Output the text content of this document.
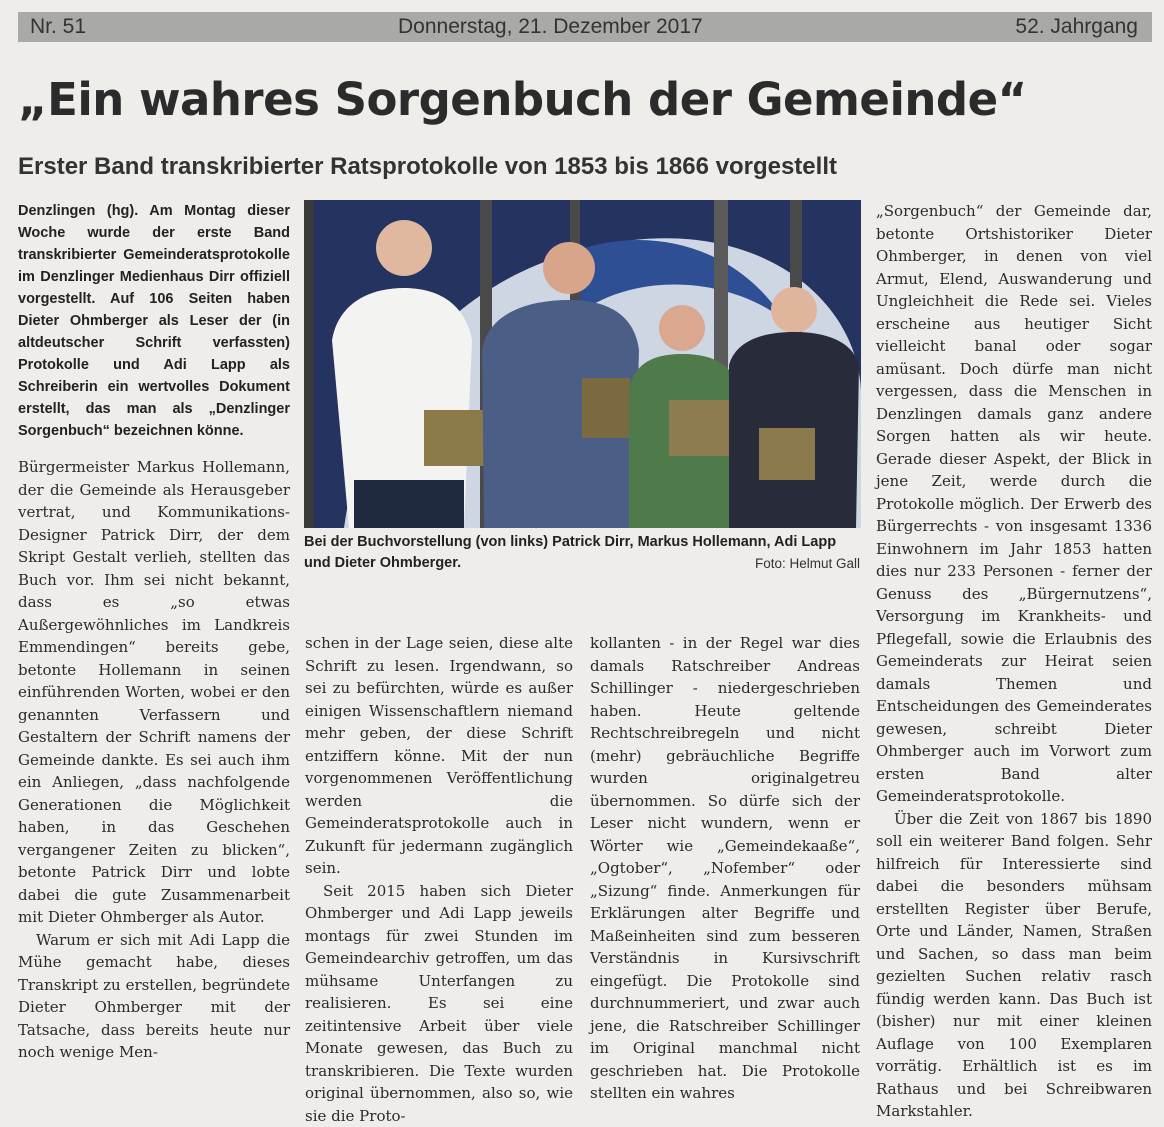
Nr. 51	Donnerstag, 21. Dezember 2017	52. Jahrgang
„Ein wahres Sorgenbuch der Gemeinde“
Erster Band transkribierter Ratsprotokolle von 1853 bis 1866 vorgestellt
Denzlingen (hg). Am Montag dieser Woche wurde der erste Band transkribierter Gemeinderatsprotokolle im Denzlinger Medienhaus Dirr offiziell vorgestellt. Auf 106 Seiten haben Dieter Ohmberger als Leser der (in altdeutscher Schrift verfassten) Protokolle und Adi Lapp als Schreiberin ein wertvolles Dokument erstellt, das man als „Denzlinger Sorgenbuch“ bezeichnen könne.

Bürgermeister Markus Hollemann, der die Gemeinde als Herausgeber vertrat, und Kommunikations-Designer Patrick Dirr, der dem Skript Gestalt verlieh, stellten das Buch vor. Ihm sei nicht bekannt, dass es „so etwas Außergewöhnliches im Landkreis Emmendingen“ bereits gebe, betonte Hollemann in seinen einführenden Worten, wobei er den genannten Verfassern und Gestaltern der Schrift namens der Gemeinde dankte. Es sei auch ihm ein Anliegen, „dass nachfolgende Generationen die Möglichkeit haben, in das Geschehen vergangener Zeiten zu blicken“, betonte Patrick Dirr und lobte dabei die gute Zusammenarbeit mit Dieter Ohmberger als Autor.

Warum er sich mit Adi Lapp die Mühe gemacht habe, dieses Transkript zu erstellen, begründete Dieter Ohmberger mit der Tatsache, dass bereits heute nur noch wenige Men-

Bei der Buchvorstellung (von links) Patrick Dirr, Markus Hollemann, Adi Lapp und Dieter Ohmberger.	Foto: Helmut Gall

schen in der Lage seien, diese alte Schrift zu lesen. Irgendwann, so sei zu befürchten, würde es außer einigen Wissenschaftlern niemand mehr geben, der diese Schrift entziffern könne. Mit der nun vorgenommenen Veröffentlichung werden die Gemeinderatsprotokolle auch in Zukunft für jedermann zugänglich sein.

Seit 2015 haben sich Dieter Ohmberger und Adi Lapp jeweils montags für zwei Stunden im Gemeindearchiv getroffen, um das mühsame Unterfangen zu realisieren. Es sei eine zeitintensive Arbeit über viele Monate gewesen, das Buch zu transkribieren. Die Texte wurden original übernommen, also so, wie sie die Proto-

kollanten - in der Regel war dies damals Ratschreiber Andreas Schillinger - niedergeschrieben haben. Heute geltende Rechtschreibregeln und nicht (mehr) gebräuchliche Begriffe wurden originalgetreu übernommen. So dürfe sich der Leser nicht wundern, wenn er Wörter wie „Gemeindekaaße“, „Ogtober“, „Nofember“ oder „Sizung“ finde. Anmerkungen für Erklärungen alter Begriffe und Maßeinheiten sind zum besseren Verständnis in Kursivschrift eingefügt. Die Protokolle sind durchnummeriert, und zwar auch jene, die Ratschreiber Schillinger im Original manchmal nicht geschrieben hat. Die Protokolle stellten ein wahres

„Sorgenbuch“ der Gemeinde dar, betonte Ortshistoriker Dieter Ohmberger, in denen von viel Armut, Elend, Auswanderung und Ungleichheit die Rede sei. Vieles erscheine aus heutiger Sicht vielleicht banal oder sogar amüsant. Doch dürfe man nicht vergessen, dass die Menschen in Denzlingen damals ganz andere Sorgen hatten als wir heute. Gerade dieser Aspekt, der Blick in jene Zeit, werde durch die Protokolle möglich. Der Erwerb des Bürgerrechts - von insgesamt 1336 Einwohnern im Jahr 1853 hatten dies nur 233 Personen - ferner der Genuss des „Bürgernutzens“, Versorgung im Krankheits- und Pflegefall, sowie die Erlaubnis des Gemeinderats zur Heirat seien damals Themen und Entscheidungen des Gemeinderates gewesen, schreibt Dieter Ohmberger auch im Vorwort zum ersten Band alter Gemeinderatsprotokolle.

Über die Zeit von 1867 bis 1890 soll ein weiterer Band folgen. Sehr hilfreich für Interessierte sind dabei die besonders mühsam erstellten Register über Berufe, Orte und Länder, Namen, Straßen und Sachen, so dass man beim gezielten Suchen relativ rasch fündig werden kann. Das Buch ist (bisher) nur mit einer kleinen Auflage von 100 Exemplaren vorrätig. Erhältlich ist es im Rathaus und bei Schreibwaren Markstahler.
